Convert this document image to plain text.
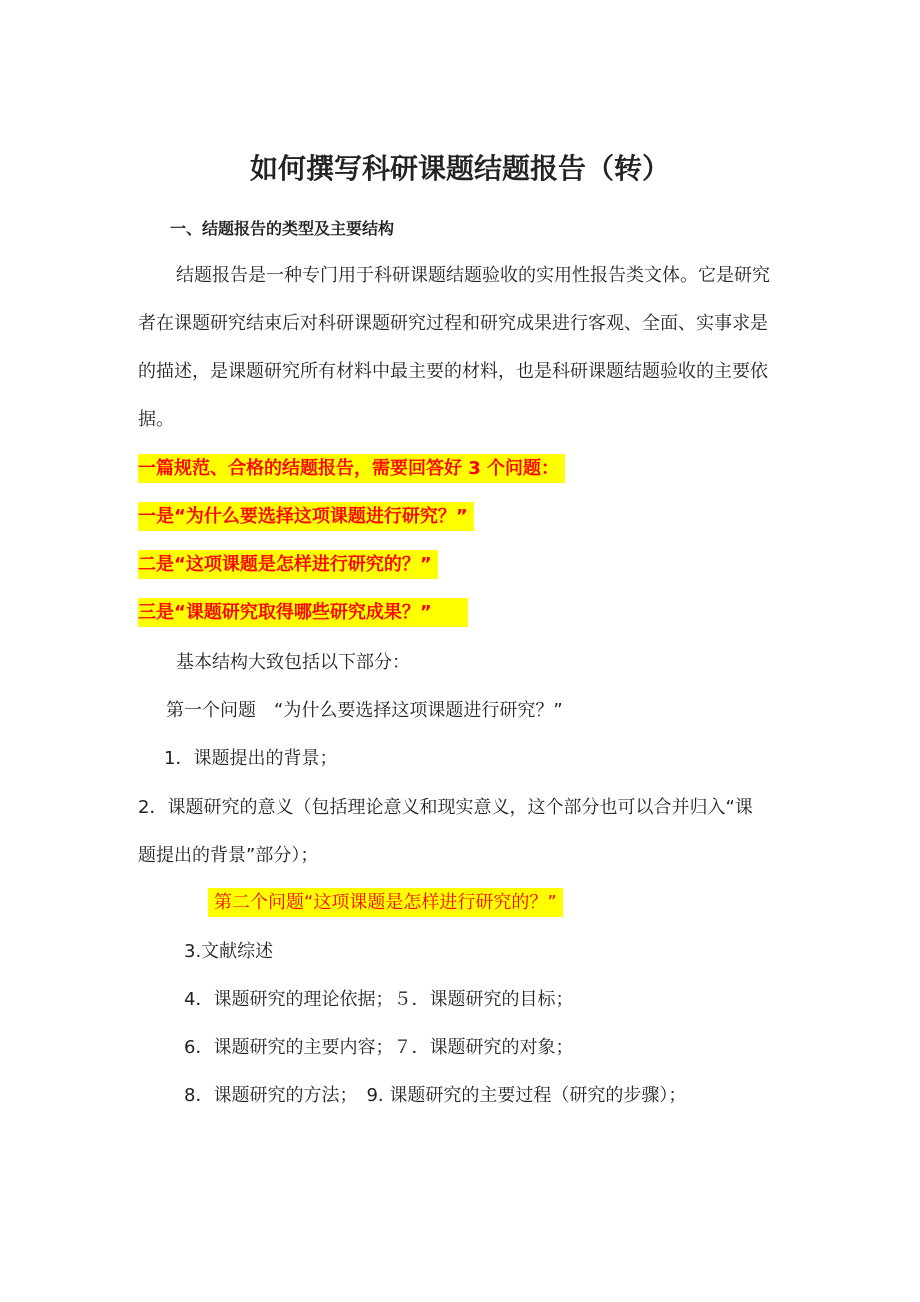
如何撰写科研课题结题报告（转）
一、结题报告的类型及主要结构
结题报告是一种专门用于科研课题结题验收的实用性报告类文体。它是研究
者在课题研究结束后对科研课题研究过程和研究成果进行客观、全面、实事求是
的描述，是课题研究所有材料中最主要的材料，也是科研课题结题验收的主要依
据。
一篇规范、合格的结题报告，需要回答好 3 个问题：
一是“为什么要选择这项课题进行研究？”
二是“这项课题是怎样进行研究的？”
三是“课题研究取得哪些研究成果？”
基本结构大致包括以下部分：
第一个问题　“为什么要选择这项课题进行研究？”
1．课题提出的背景；
2．课题研究的意义（包括理论意义和现实意义，这个部分也可以合并归入“课
题提出的背景”部分）；
第二个问题“这项课题是怎样进行研究的？”
3.文献综述
4．课题研究的理论依据；５．课题研究的目标；
6．课题研究的主要内容；７．课题研究的对象；
8．课题研究的方法；　9. 课题研究的主要过程（研究的步骤）；
